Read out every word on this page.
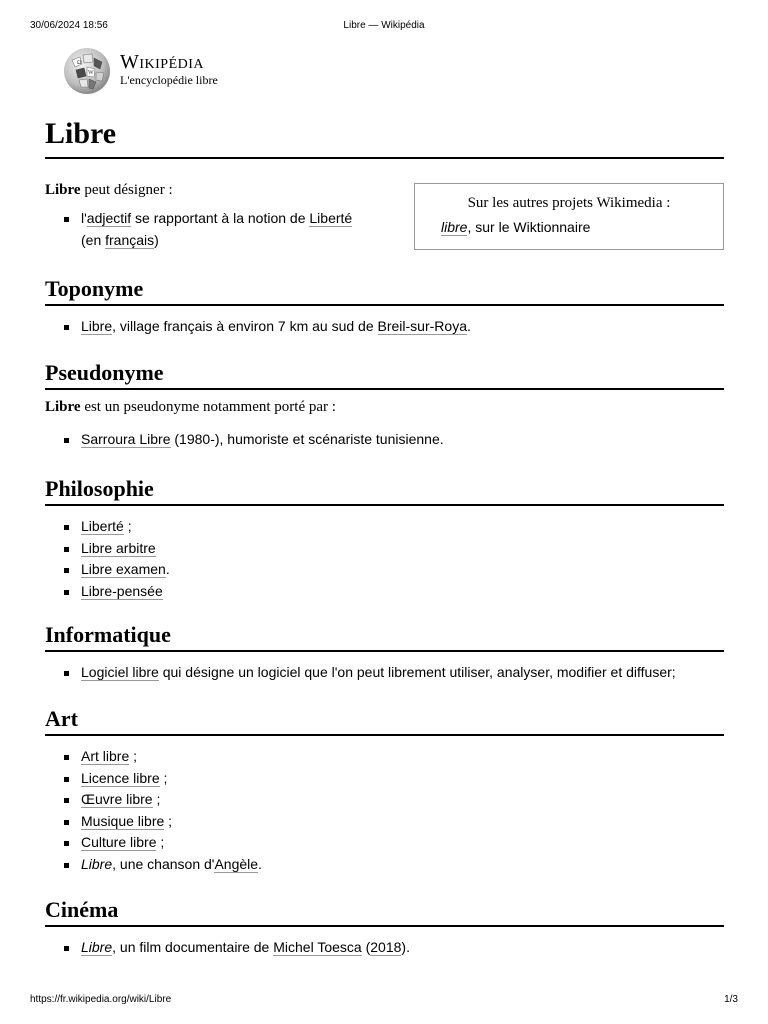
30/06/2024 18:56	Libre — Wikipédia
Ω
W Wikipédia
L'encyclopédie libre
Libre

Libre peut désigner :

l'adjectif se rapportant à la notion de Liberté
(en français)
Sur les autres projets Wikimedia :
libre, sur le Wiktionnaire
Toponyme
Libre, village français à environ 7 km au sud de Breil-sur-Roya.
Pseudonyme

Libre est un pseudonyme notamment porté par :

Sarroura Libre (1980-), humoriste et scénariste tunisienne.
Philosophie
Liberté ;
Libre arbitre
Libre examen.
Libre-pensée
Informatique
Logiciel libre qui désigne un logiciel que l'on peut librement utiliser, analyser, modifier et diffuser;
Art
Art libre ;
Licence libre ;
Œuvre libre ;
Musique libre ;
Culture libre ;
Libre, une chanson d'Angèle.
Cinéma
Libre, un film documentaire de Michel Toesca (2018).
https://fr.wikipedia.org/wiki/Libre	1/3
